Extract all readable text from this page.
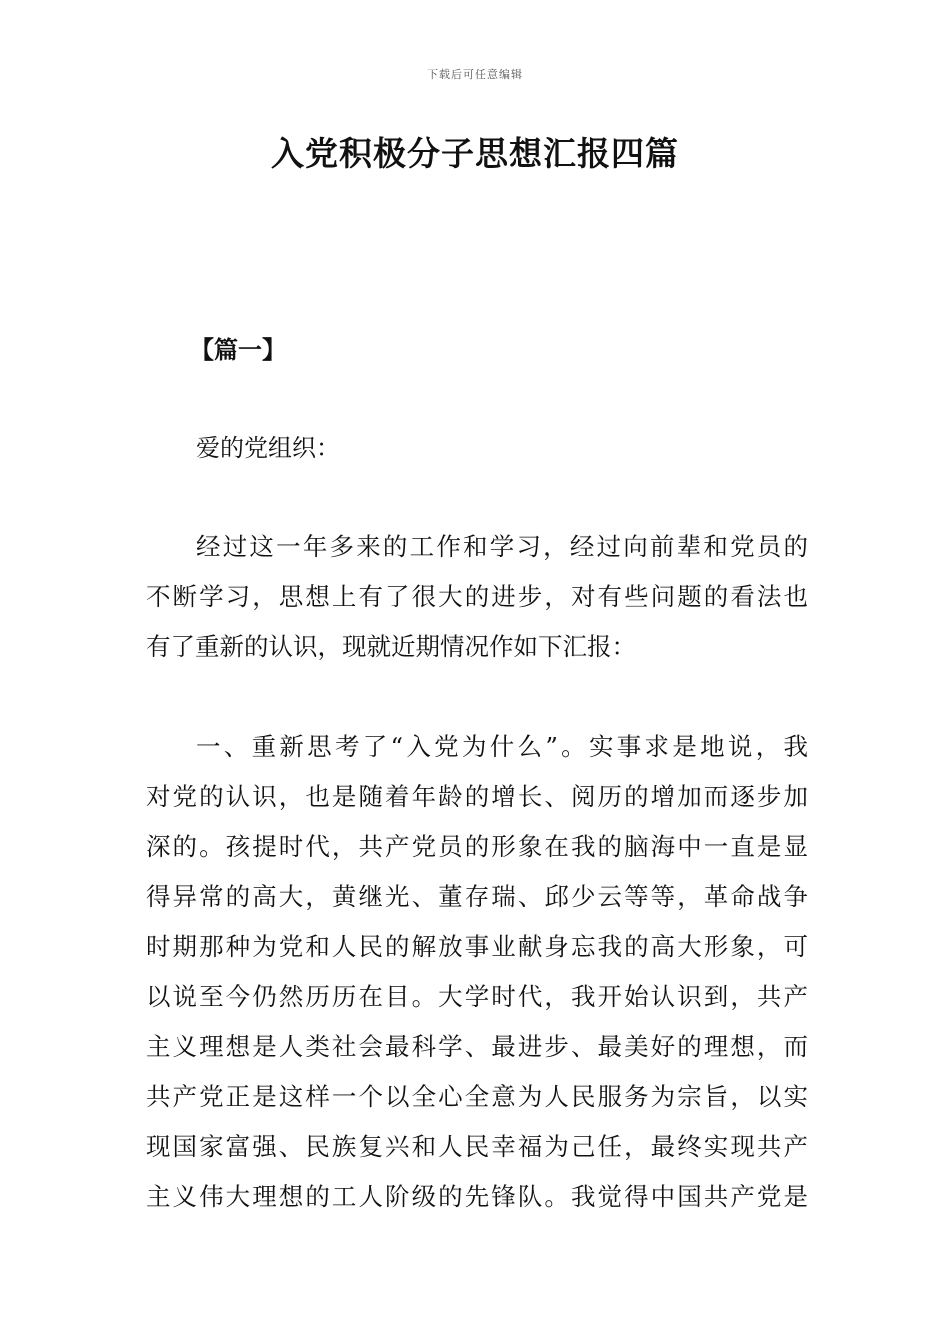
下载后可任意编辑
入党积极分子思想汇报四篇
【篇一】
爱的党组织：

经过这一年多来的工作和学习，经过向前辈和党员的
不断学习，思想上有了很大的进步，对有些问题的看法也
有了重新的认识，现就近期情况作如下汇报：

一、重新思考了“入党为什么”。实事求是地说，我
对党的认识，也是随着年龄的增长、阅历的增加而逐步加
深的。孩提时代，共产党员的形象在我的脑海中一直是显
得异常的高大，黄继光、董存瑞、邱少云等等，革命战争
时期那种为党和人民的解放事业献身忘我的高大形象，可
以说至今仍然历历在目。大学时代，我开始认识到，共产
主义理想是人类社会最科学、最进步、最美好的理想，而
共产党正是这样一个以全心全意为人民服务为宗旨，以实
现国家富强、民族复兴和人民幸福为己任，最终实现共产
主义伟大理想的工人阶级的先锋队。我觉得中国共产党是
